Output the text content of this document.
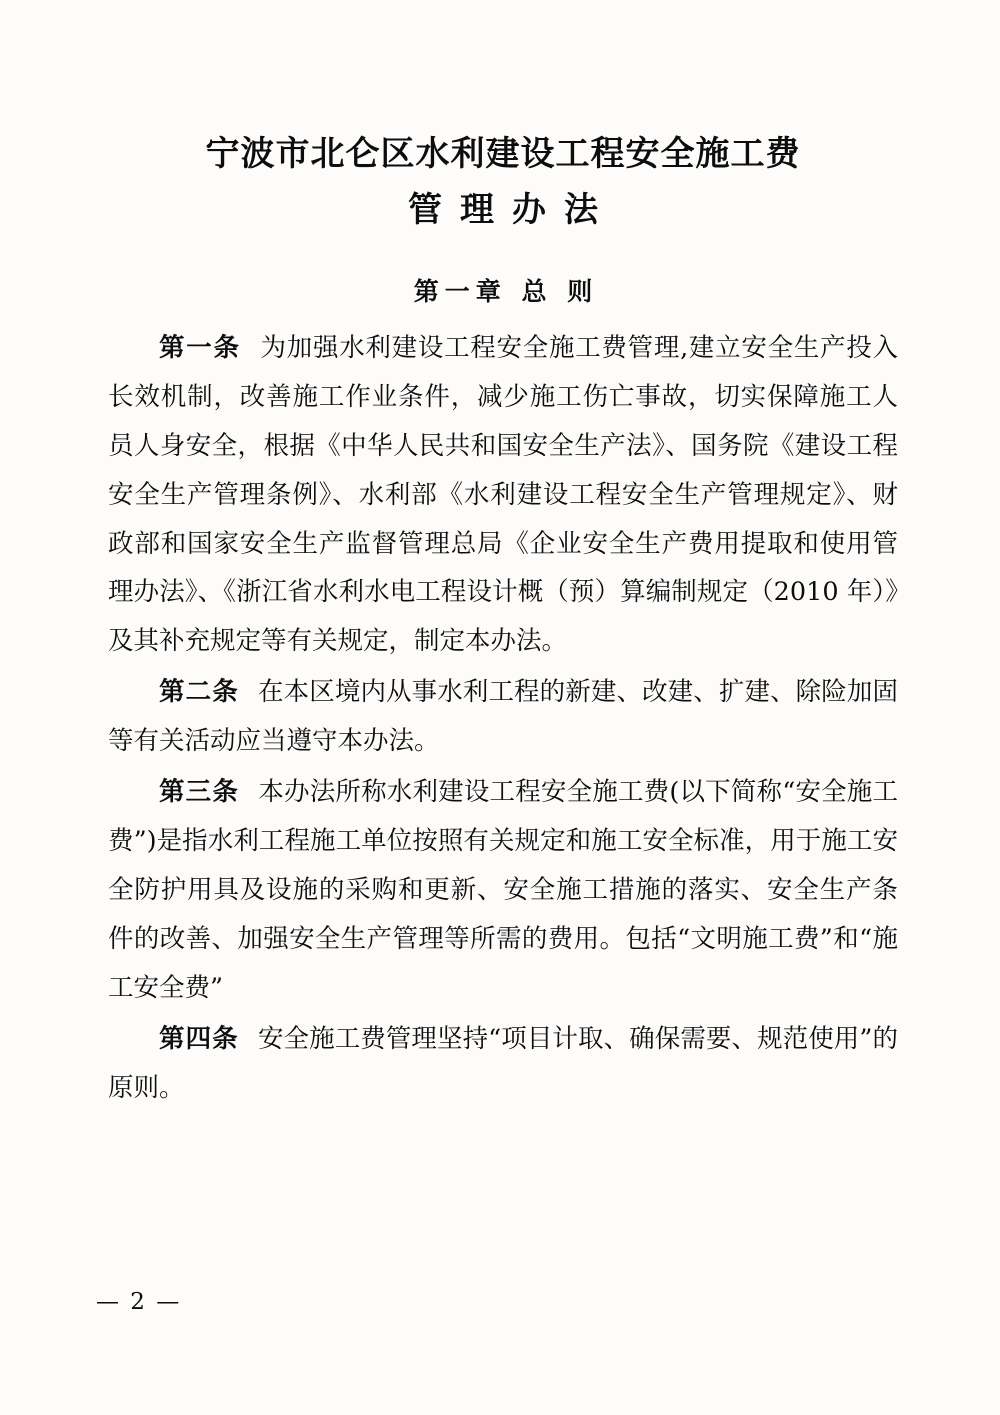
宁波市北仑区水利建设工程安全施工费
管理办法
第一章 总 则

第一条 为加强水利建设工程安全施工费管理,建立安全生产投入长效机制，改善施工作业条件，减少施工伤亡事故，切实保障施工人员人身安全，根据《中华人民共和国安全生产法》、国务院《建设工程安全生产管理条例》、水利部《水利建设工程安全生产管理规定》、财政部和国家安全生产监督管理总局《企业安全生产费用提取和使用管理办法》、《浙江省水利水电工程设计概（预）算编制规定（2010 年）》及其补充规定等有关规定，制定本办法。

第二条 在本区境内从事水利工程的新建、改建、扩建、除险加固等有关活动应当遵守本办法。

第三条 本办法所称水利建设工程安全施工费(以下简称“安全施工费”)是指水利工程施工单位按照有关规定和施工安全标准，用于施工安全防护用具及设施的采购和更新、安全施工措施的落实、安全生产条件的改善、加强安全生产管理等所需的费用。包括“文明施工费”和“施工安全费”

第四条 安全施工费管理坚持“项目计取、确保需要、规范使用”的原则。

— 2 —
